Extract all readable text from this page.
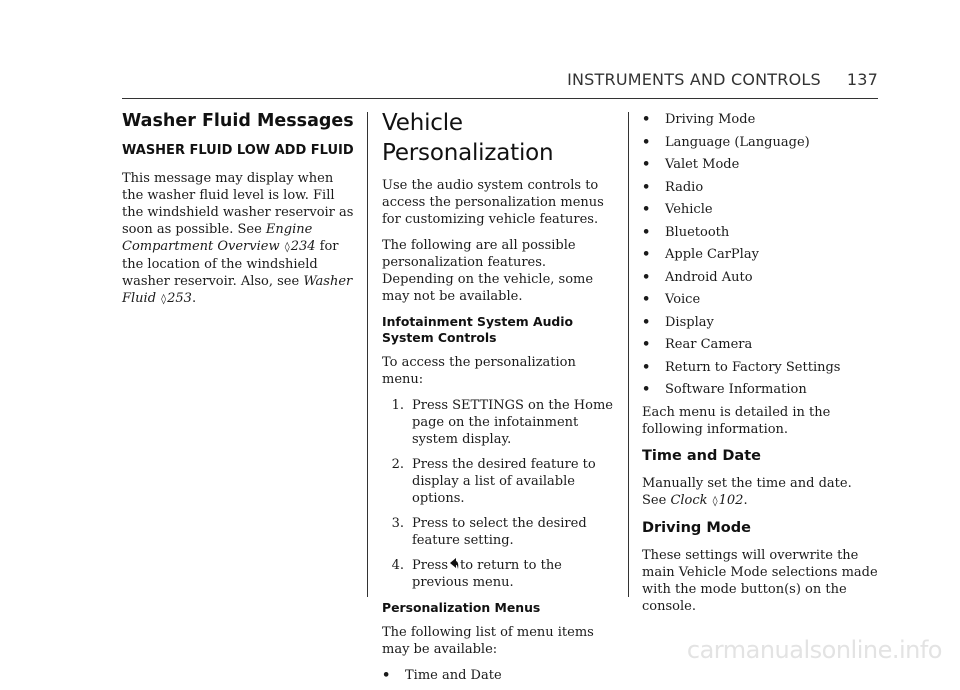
INSTRUMENTS AND CONTROLS 137
Washer Fluid Messages
WASHER FLUID LOW ADD FLUID

This message may display when the washer fluid level is low. Fill the windshield washer reservoir as soon as possible. See Engine Compartment Overview ◊234 for the location of the windshield washer reservoir. Also, see Washer Fluid ◊253.

Vehicle Personalization

Use the audio system controls to access the personalization menus for customizing vehicle features.

The following are all possible personalization features. Depending on the vehicle, some may not be available.

Infotainment System Audio System Controls

To access the personalization menu:

1. Press SETTINGS on the Home page on the infotainment system display.
2. Press the desired feature to display a list of available options.
3. Press to select the desired feature setting.
4. Press to return to the previous menu.
Personalization Menus

The following list of menu items may be available:

•	Time and Date
•	Driving Mode
•	Language (Language)
•	Valet Mode
•	Radio
•	Vehicle
•	Bluetooth
•	Apple CarPlay
•	Android Auto
•	Voice
•	Display
•	Rear Camera
•	Return to Factory Settings
•	Software Information

Each menu is detailed in the following information.

Time and Date

Manually set the time and date. See Clock ◊102.

Driving Mode

These settings will overwrite the main Vehicle Mode selections made with the mode button(s) on the console.

carmanualsonline.info
